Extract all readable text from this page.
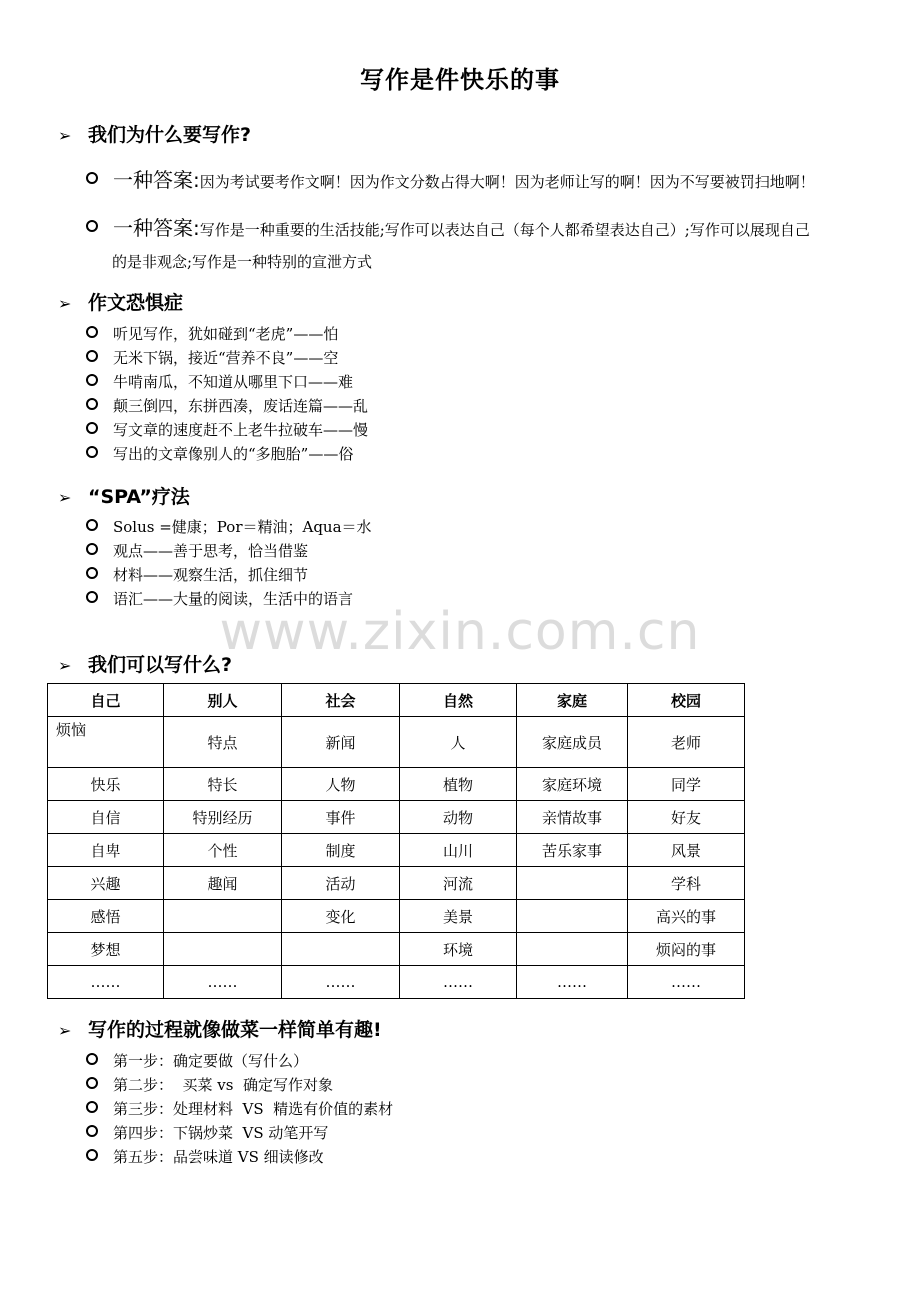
www.zixin.com.cn
写作是件快乐的事
➢ 我们为什么要写作?
一种答案:因为考试要考作文啊！因为作文分数占得大啊！因为老师让写的啊！因为不写要被罚扫地啊！
一种答案:写作是一种重要的生活技能;写作可以表达自己（每个人都希望表达自己）;写作可以展现自己
的是非观念;写作是一种特别的宣泄方式
➢ 作文恐惧症
听见写作，犹如碰到“老虎”——怕
无米下锅，接近“营养不良”——空
牛啃南瓜，不知道从哪里下口——难
颠三倒四，东拼西凑，废话连篇——乱
写文章的速度赶不上老牛拉破车——慢
写出的文章像别人的“多胞胎”——俗
➢ “SPA”疗法
Solus =健康；Por＝精油；Aqua＝水
观点——善于思考，恰当借鉴
材料——观察生活，抓住细节
语汇——大量的阅读，生活中的语言
➢ 我们可以写什么?
自己	别人	社会	自然	家庭	校园
烦恼	特点	新闻	人	家庭成员	老师
快乐	特长	人物	植物	家庭环境	同学
自信	特别经历	事件	动物	亲情故事	好友
自卑	个性	制度	山川	苦乐家事	风景
兴趣	趣闻	活动	河流		学科
感悟		变化	美景		高兴的事
梦想			环境		烦闷的事
……	……	……	……	……	……
➢ 写作的过程就像做菜一样简单有趣!
第一步：确定要做（写什么）
第二步：  买菜 vs  确定写作对象
第三步：处理材料  VS  精选有价值的素材
第四步：下锅炒菜  VS 动笔开写
第五步：品尝味道 VS 细读修改
